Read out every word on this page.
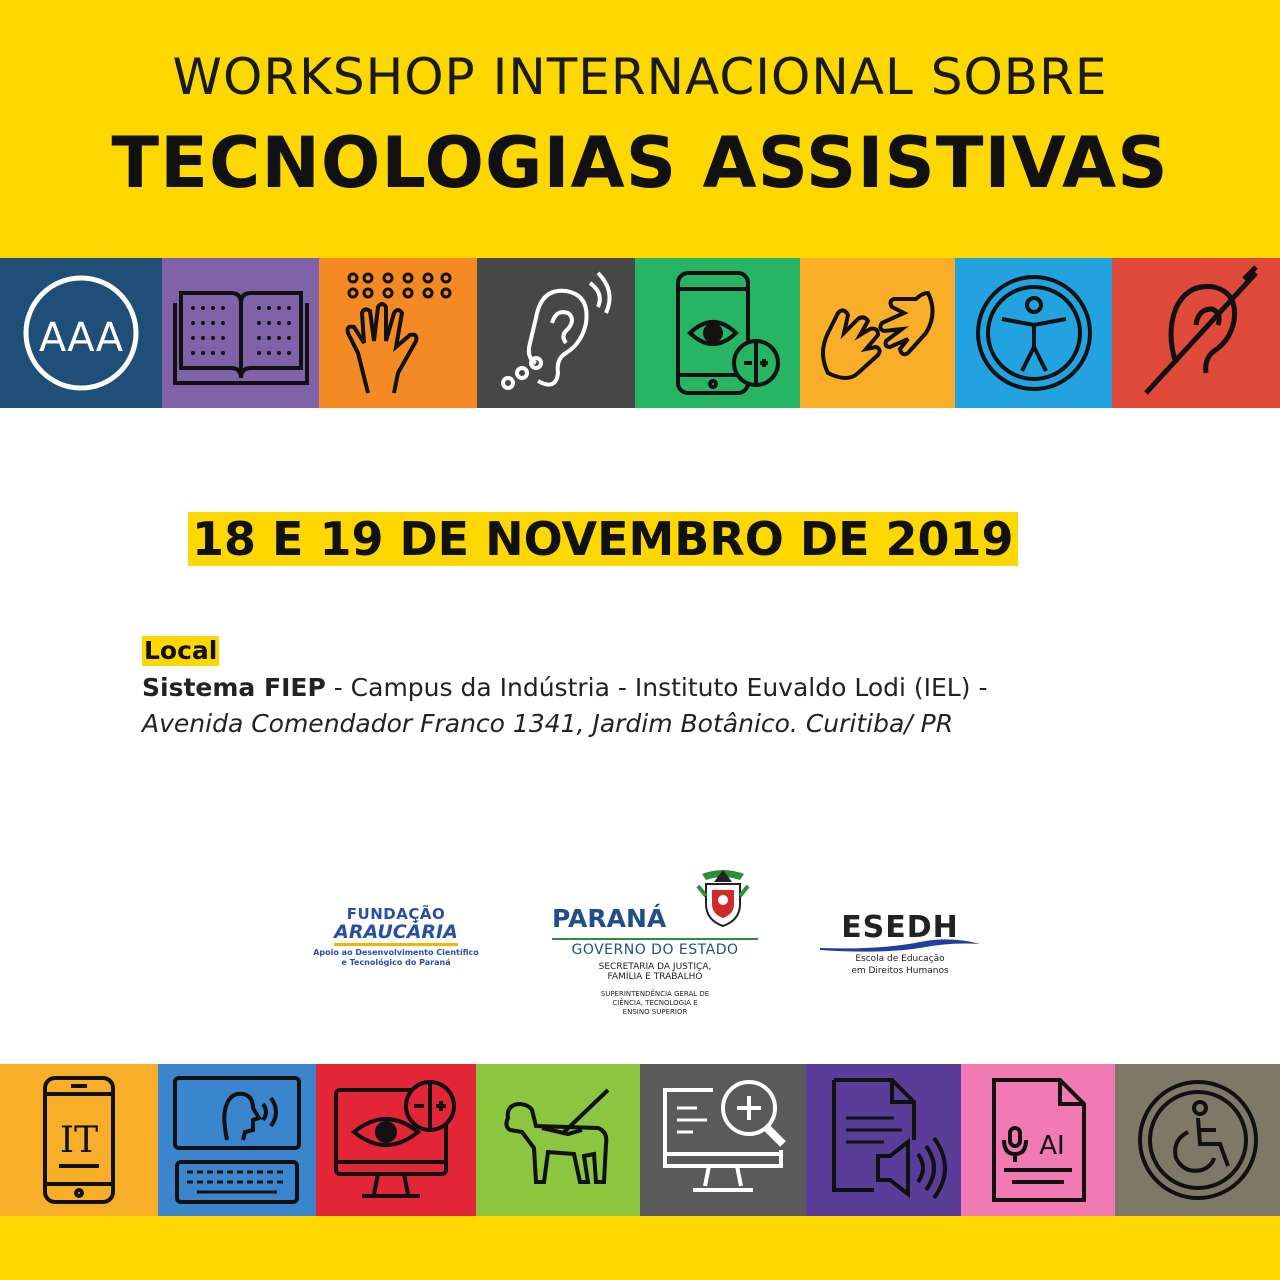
WORKSHOP INTERNACIONAL SOBRE
TECNOLOGIAS ASSISTIVAS
AAA
18 E 19 DE NOVEMBRO DE 2019
Local
Sistema FIEP - Campus da Indústria - Instituto Euvaldo Lodi (IEL) -
Avenida Comendador Franco 1341, Jardim Botânico. Curitiba/ PR
FUNDAÇÃO
ARAUCÁRIA
Apoio ao Desenvolvimento Científico
e Tecnológico do Paraná
PARANÁ
GOVERNO DO ESTADO
SECRETARIA DA JUSTIÇA,
FAMÍLIA E TRABALHO
SUPERINTENDÊNCIA GERAL DE
CIÊNCIA, TECNOLOGIA E
ENSINO SUPERIOR
ESEDH
Escola de Educação
em Direitos Humanos
IT	AI
